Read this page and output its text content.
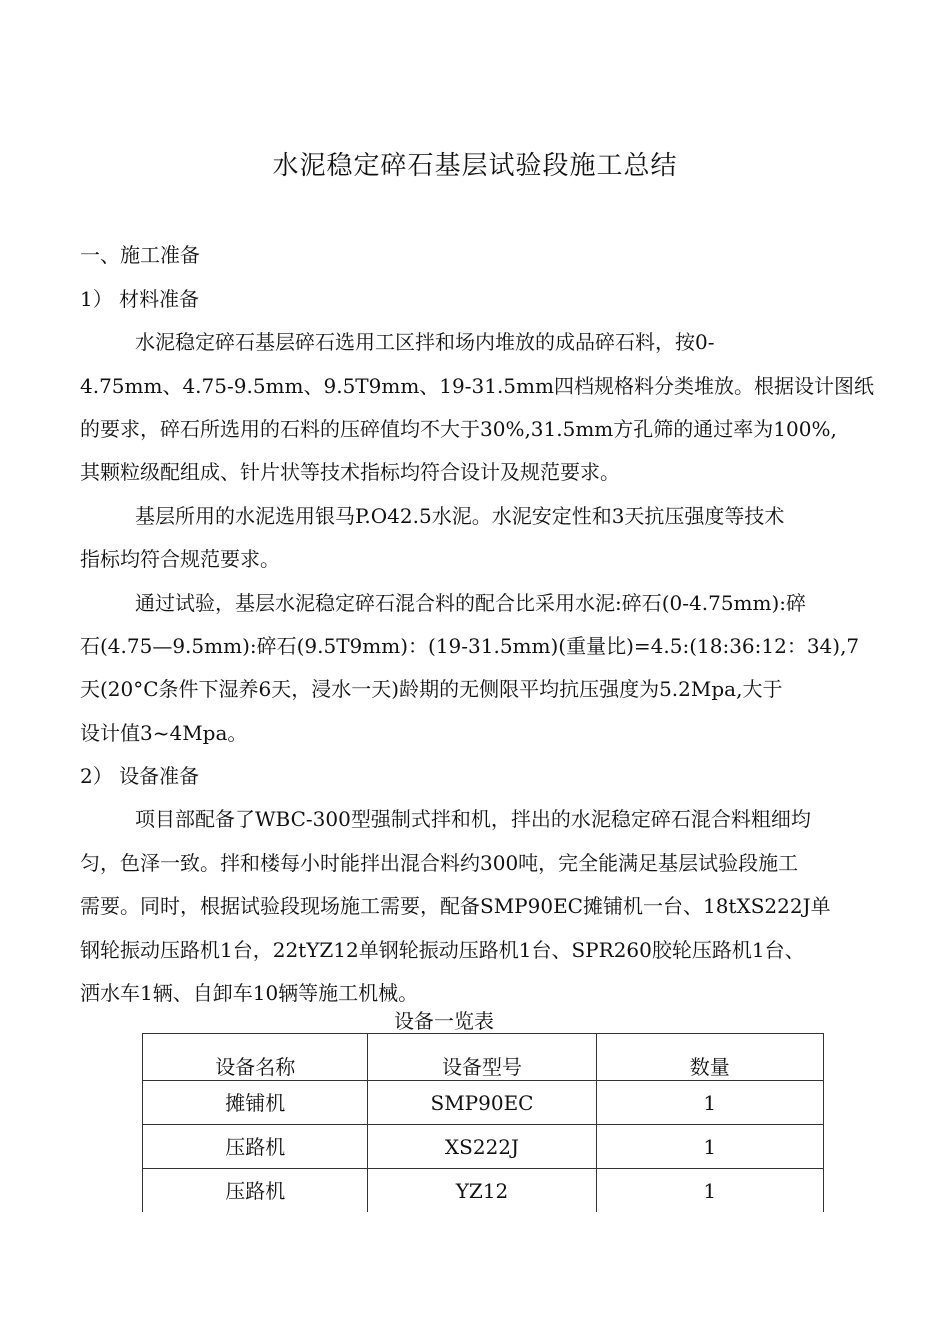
水泥稳定碎石基层试验段施工总结
一、施工准备
1） 材料准备
水泥稳定碎石基层碎石选用工区拌和场内堆放的成品碎石料，按0-
4.75mm、4.75-9.5mm、9.5T9mm、19-31.5mm四档规格料分类堆放。根据设计图纸
的要求，碎石所选用的石料的压碎值均不大于30%,31.5mm方孔筛的通过率为100%,
其颗粒级配组成、针片状等技术指标均符合设计及规范要求。
基层所用的水泥选用银马P.O42.5水泥。水泥安定性和3天抗压强度等技术
指标均符合规范要求。
通过试验，基层水泥稳定碎石混合料的配合比采用水泥:碎石(0-4.75mm):碎
石(4.75—9.5mm):碎石(9.5T9mm)：(19-31.5mm)(重量比)=4.5:(18:36:12：34),7
天(20°C条件下湿养6天，浸水一天)龄期的无侧限平均抗压强度为5.2Mpa,大于
设计值3~4Mpa。
2） 设备准备
项目部配备了WBC-300型强制式拌和机，拌出的水泥稳定碎石混合料粗细均
匀，色泽一致。拌和楼每小时能拌出混合料约300吨，完全能满足基层试验段施工
需要。同时，根据试验段现场施工需要，配备SMP90EC摊铺机一台、18tXS222J单
钢轮振动压路机1台，22tYZ12单钢轮振动压路机1台、SPR260胶轮压路机1台、
洒水车1辆、自卸车10辆等施工机械。
设备一览表
设备名称	设备型号	数量
摊铺机	SMP90EC	1
压路机	XS222J	1
压路机	YZ12	1
